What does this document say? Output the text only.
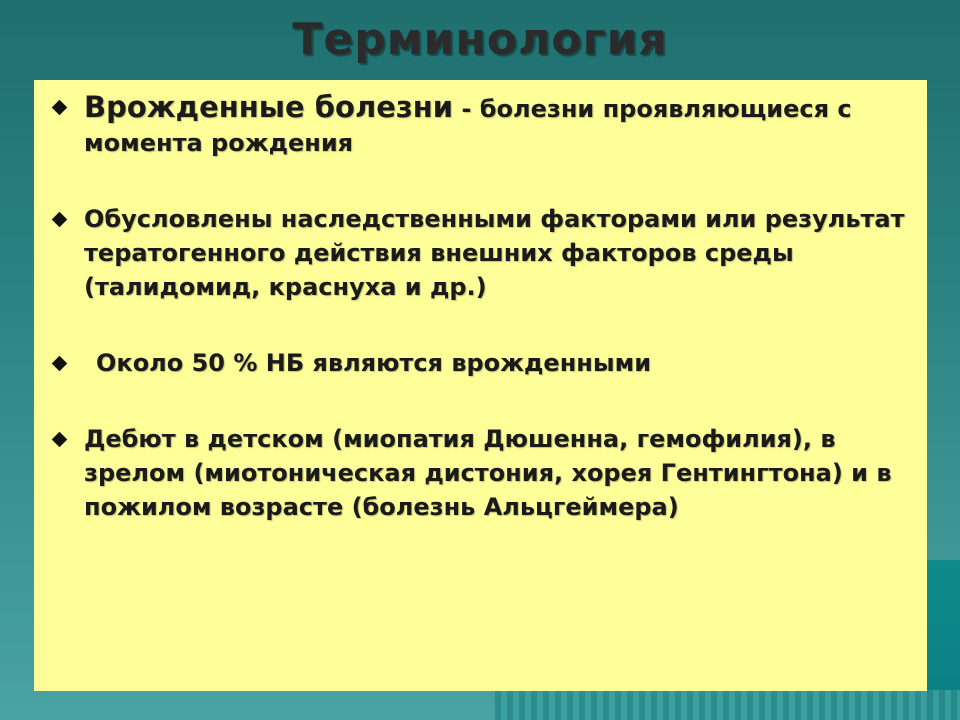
Терминология
Врожденные болезни - болезни проявляющиеся с момента рождения
Обусловлены наследственными факторами или результат тератогенного действия внешних факторов среды (талидомид, краснуха и др.)
Около 50 % НБ являются врожденными
Дебют в детском (миопатия Дюшенна, гемофилия), в зрелом (миотоническая дистония, хорея Гентингтона) и в пожилом возрасте (болезнь Альцгеймера)
